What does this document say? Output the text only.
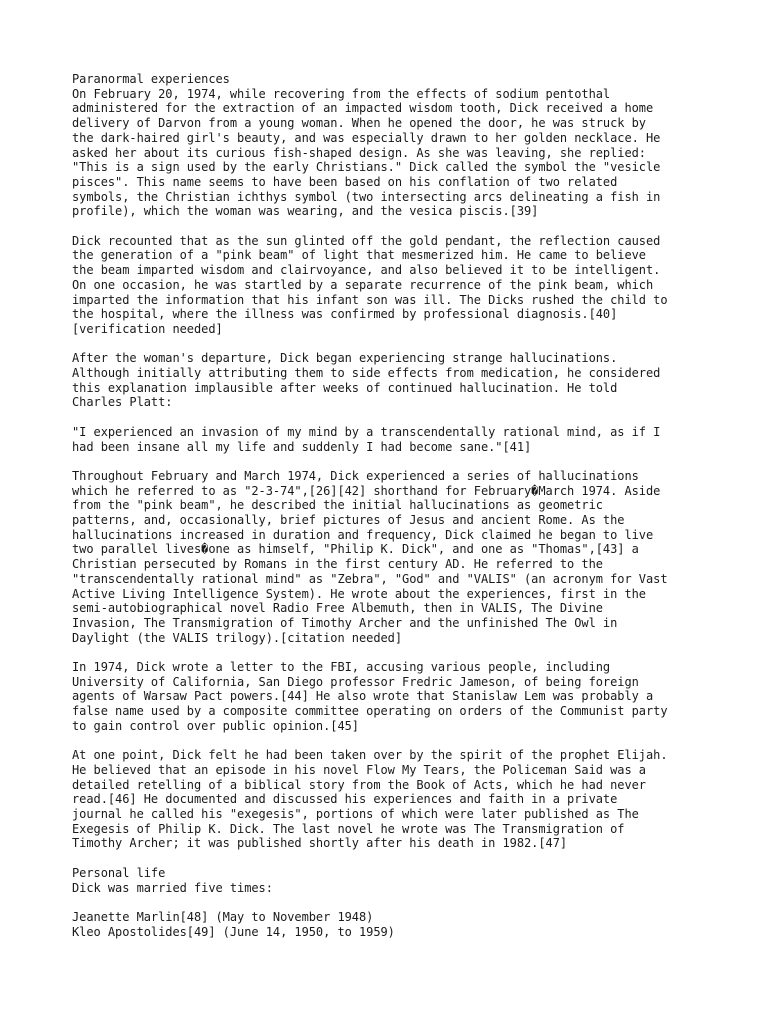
Paranormal experiences
On February 20, 1974, while recovering from the effects of sodium pentothal
administered for the extraction of an impacted wisdom tooth, Dick received a home
delivery of Darvon from a young woman. When he opened the door, he was struck by
the dark-haired girl's beauty, and was especially drawn to her golden necklace. He
asked her about its curious fish-shaped design. As she was leaving, she replied:
"This is a sign used by the early Christians." Dick called the symbol the "vesicle
pisces". This name seems to have been based on his conflation of two related
symbols, the Christian ichthys symbol (two intersecting arcs delineating a fish in
profile), which the woman was wearing, and the vesica piscis.[39]
Dick recounted that as the sun glinted off the gold pendant, the reflection caused
the generation of a "pink beam" of light that mesmerized him. He came to believe
the beam imparted wisdom and clairvoyance, and also believed it to be intelligent.
On one occasion, he was startled by a separate recurrence of the pink beam, which
imparted the information that his infant son was ill. The Dicks rushed the child to
the hospital, where the illness was confirmed by professional diagnosis.[40]
[verification needed]
After the woman's departure, Dick began experiencing strange hallucinations.
Although initially attributing them to side effects from medication, he considered
this explanation implausible after weeks of continued hallucination. He told
Charles Platt:
"I experienced an invasion of my mind by a transcendentally rational mind, as if I
had been insane all my life and suddenly I had become sane."[41]
Throughout February and March 1974, Dick experienced a series of hallucinations
which he referred to as "2-3-74",[26][42] shorthand for February�March 1974. Aside
from the "pink beam", he described the initial hallucinations as geometric
patterns, and, occasionally, brief pictures of Jesus and ancient Rome. As the
hallucinations increased in duration and frequency, Dick claimed he began to live
two parallel lives�one as himself, "Philip K. Dick", and one as "Thomas",[43] a
Christian persecuted by Romans in the first century AD. He referred to the
"transcendentally rational mind" as "Zebra", "God" and "VALIS" (an acronym for Vast
Active Living Intelligence System). He wrote about the experiences, first in the
semi-autobiographical novel Radio Free Albemuth, then in VALIS, The Divine
Invasion, The Transmigration of Timothy Archer and the unfinished The Owl in
Daylight (the VALIS trilogy).[citation needed]
In 1974, Dick wrote a letter to the FBI, accusing various people, including
University of California, San Diego professor Fredric Jameson, of being foreign
agents of Warsaw Pact powers.[44] He also wrote that Stanislaw Lem was probably a
false name used by a composite committee operating on orders of the Communist party
to gain control over public opinion.[45]
At one point, Dick felt he had been taken over by the spirit of the prophet Elijah.
He believed that an episode in his novel Flow My Tears, the Policeman Said was a
detailed retelling of a biblical story from the Book of Acts, which he had never
read.[46] He documented and discussed his experiences and faith in a private
journal he called his "exegesis", portions of which were later published as The
Exegesis of Philip K. Dick. The last novel he wrote was The Transmigration of
Timothy Archer; it was published shortly after his death in 1982.[47]
Personal life
Dick was married five times:
Jeanette Marlin[48] (May to November 1948)
Kleo Apostolides[49] (June 14, 1950, to 1959)
